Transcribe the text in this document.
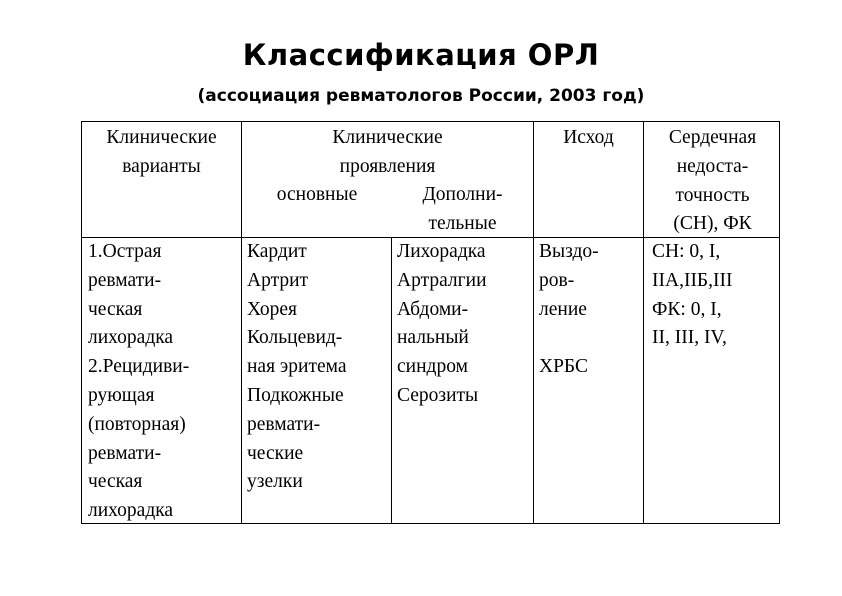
Классификация ОРЛ
(ассоциация ревматологов России, 2003 год)
Клинические
варианты
Клинические
проявления
основные	Дополни-
тельные
Исход	Сердечная
недоста-
точность
(СН), ФК
1.Острая
ревмати-
ческая
лихорадка
2.Рецидиви-
рующая
(повторная)
ревмати-
ческая
лихорадка
Кардит
Артрит
Хорея
Кольцевид-
ная эритема
Подкожные
ревмати-
ческие
узелки
Лихорадка
Артралгии
Абдоми-
нальный
синдром
Серозиты
Выздо-
ров-
ление
ХРБС
СН: 0, I,
IIА,IIБ,III
ФК: 0, I,
II, III, IV,
